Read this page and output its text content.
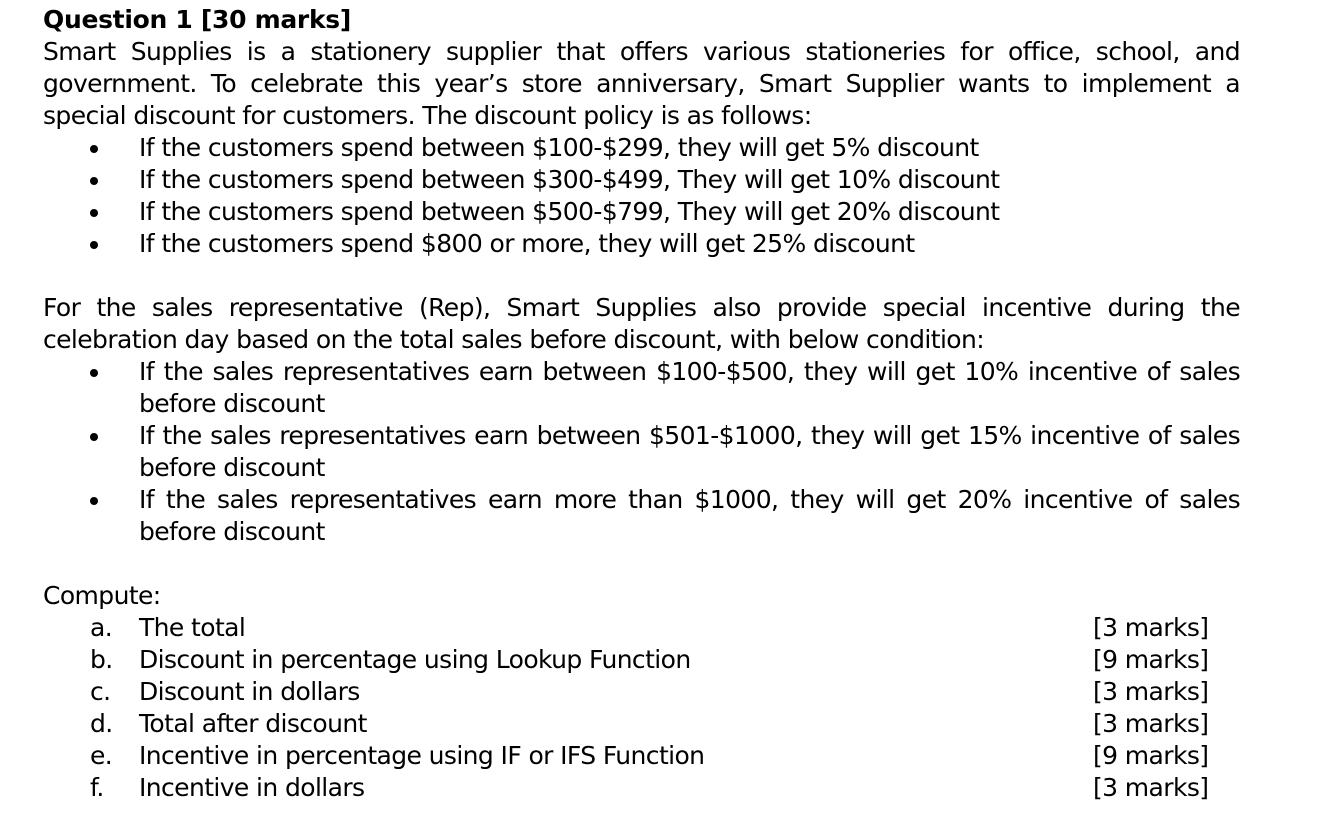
Question 1 [30 marks]
Smart Supplies is a stationery supplier that offers various stationeries for office, school, and government. To celebrate this year’s store anniversary, Smart Supplier wants to implement a special discount for customers. The discount policy is as follows:
If the customers spend between $100-$299, they will get 5% discount
If the customers spend between $300-$499, They will get 10% discount
If the customers spend between $500-$799, They will get 20% discount
If the customers spend $800 or more, they will get 25% discount
For the sales representative (Rep), Smart Supplies also provide special incentive during the celebration day based on the total sales before discount, with below condition:
If the sales representatives earn between $100-$500, they will get 10% incentive of sales before discount
If the sales representatives earn between $501-$1000, they will get 15% incentive of sales before discount
If the sales representatives earn more than $1000, they will get 20% incentive of sales before discount
Compute:
a. The total	[3 marks]
b. Discount in percentage using Lookup Function	[9 marks]
c. Discount in dollars	[3 marks]
d. Total after discount	[3 marks]
e. Incentive in percentage using IF or IFS Function	[9 marks]
f. Incentive in dollars	[3 marks]
